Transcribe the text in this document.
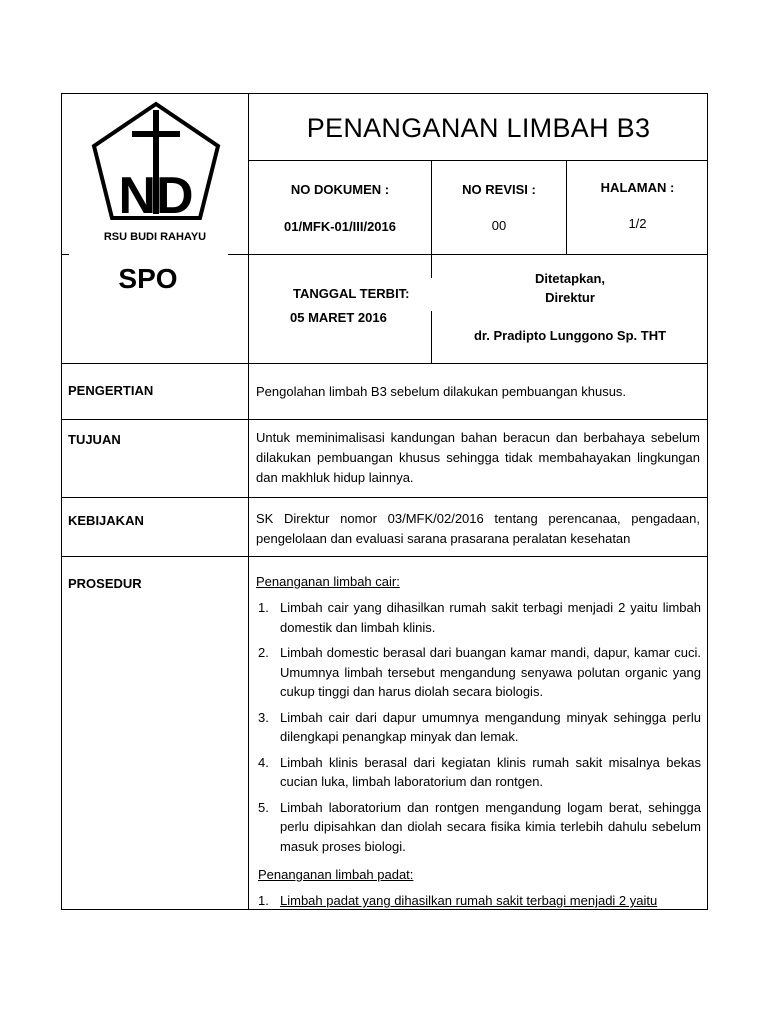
ND
RSU BUDI RAHAYU
SPO
PENANGANAN LIMBAH B3
NO DOKUMEN :
01/MFK-01/III/2016
NO REVISI :
00
HALAMAN :
1/2
TANGGAL TERBIT:
05 MARET 2016
Ditetapkan,
Direktur
dr. Pradipto Lunggono Sp. THT
PENGERTIAN	Pengolahan limbah B3 sebelum dilakukan pembuangan khusus.
TUJUAN	Untuk meminimalisasi kandungan bahan beracun dan berbahaya sebelum dilakukan pembuangan khusus sehingga tidak membahayakan lingkungan dan makhluk hidup lainnya.
KEBIJAKAN	SK Direktur nomor 03/MFK/02/2016 tentang perencanaa, pengadaan, pengelolaan dan evaluasi sarana prasarana peralatan kesehatan
PROSEDUR	Penanganan limbah cair:
1. Limbah cair yang dihasilkan rumah sakit terbagi menjadi 2 yaitu limbah domestik dan limbah klinis.
2. Limbah domestic berasal dari buangan kamar mandi, dapur, kamar cuci. Umumnya limbah tersebut mengandung senyawa polutan organic yang cukup tinggi dan harus diolah secara biologis.
3. Limbah cair dari dapur umumnya mengandung minyak sehingga perlu dilengkapi penangkap minyak dan lemak.
4. Limbah klinis berasal dari kegiatan klinis rumah sakit misalnya bekas cucian luka, limbah laboratorium dan rontgen.
5. Limbah laboratorium dan rontgen mengandung logam berat, sehingga perlu dipisahkan dan diolah secara fisika kimia terlebih dahulu sebelum masuk proses biologi.
Penanganan limbah padat:
1. Limbah padat yang dihasilkan rumah sakit terbagi menjadi 2 yaitu
